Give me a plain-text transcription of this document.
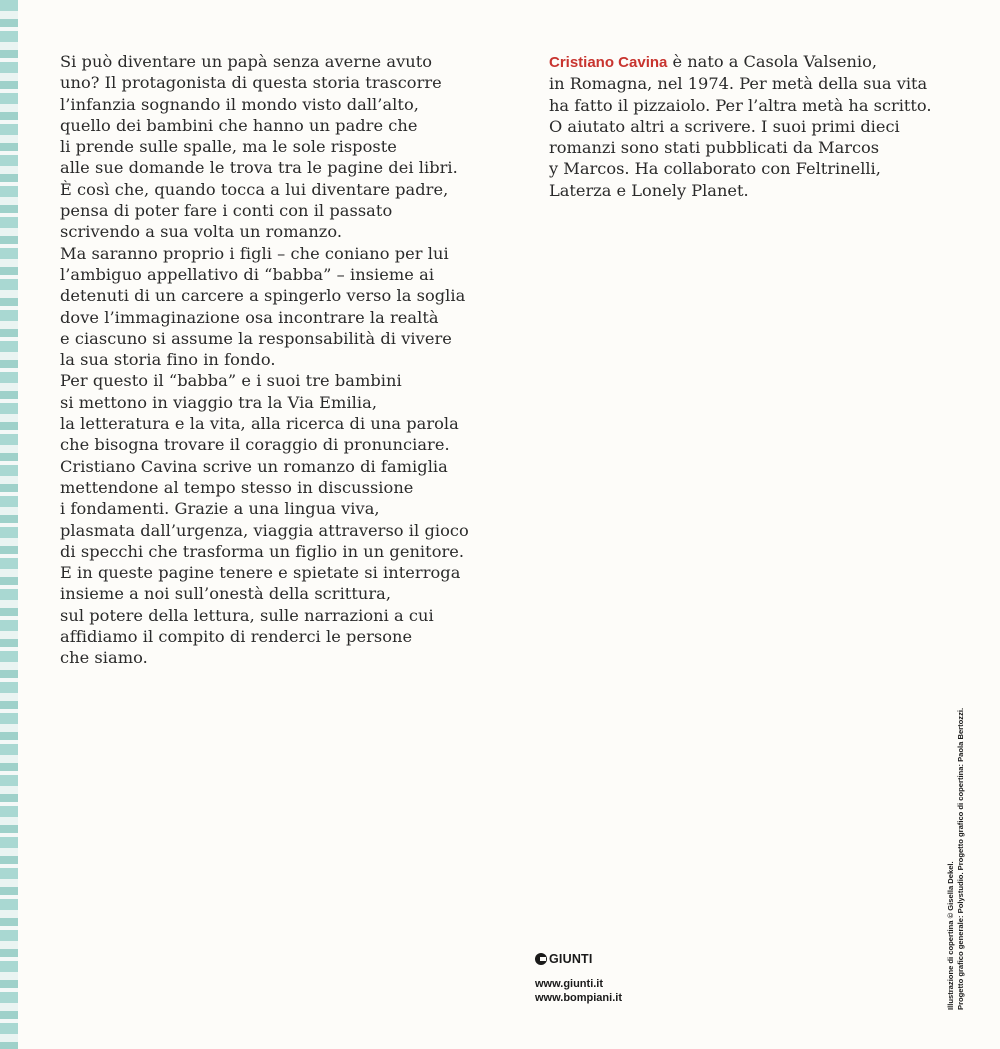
Si può diventare un papà senza averne avuto
uno? Il protagonista di questa storia trascorre
l’infanzia sognando il mondo visto dall’alto,
quello dei bambini che hanno un padre che
li prende sulle spalle, ma le sole risposte
alle sue domande le trova tra le pagine dei libri.
È così che, quando tocca a lui diventare padre,
pensa di poter fare i conti con il passato
scrivendo a sua volta un romanzo.
Ma saranno proprio i figli – che coniano per lui
l’ambiguo appellativo di “babba” – insieme ai
detenuti di un carcere a spingerlo verso la soglia
dove l’immaginazione osa incontrare la realtà
e ciascuno si assume la responsabilità di vivere
la sua storia fino in fondo.
Per questo il “babba” e i suoi tre bambini
si mettono in viaggio tra la Via Emilia,
la letteratura e la vita, alla ricerca di una parola
che bisogna trovare il coraggio di pronunciare.
Cristiano Cavina scrive un romanzo di famiglia
mettendone al tempo stesso in discussione
i fondamenti. Grazie a una lingua viva,
plasmata dall’urgenza, viaggia attraverso il gioco
di specchi che trasforma un figlio in un genitore.
E in queste pagine tenere e spietate si interroga
insieme a noi sull’onestà della scrittura,
sul potere della lettura, sulle narrazioni a cui
affidiamo il compito di renderci le persone
che siamo.
Cristiano Cavina è nato a Casola Valsenio,
in Romagna, nel 1974. Per metà della sua vita
ha fatto il pizzaiolo. Per l’altra metà ha scritto.
O aiutato altri a scrivere. I suoi primi dieci
romanzi sono stati pubblicati da Marcos
y Marcos. Ha collaborato con Feltrinelli,
Laterza e Lonely Planet.
GIUNTI
www.giunti.it
www.bompiani.it	Illustrazione di copertina © Gisella Dekel. Progetto grafico generale: Polystudio. Progetto grafico di copertina: Paola Bertozzi.
